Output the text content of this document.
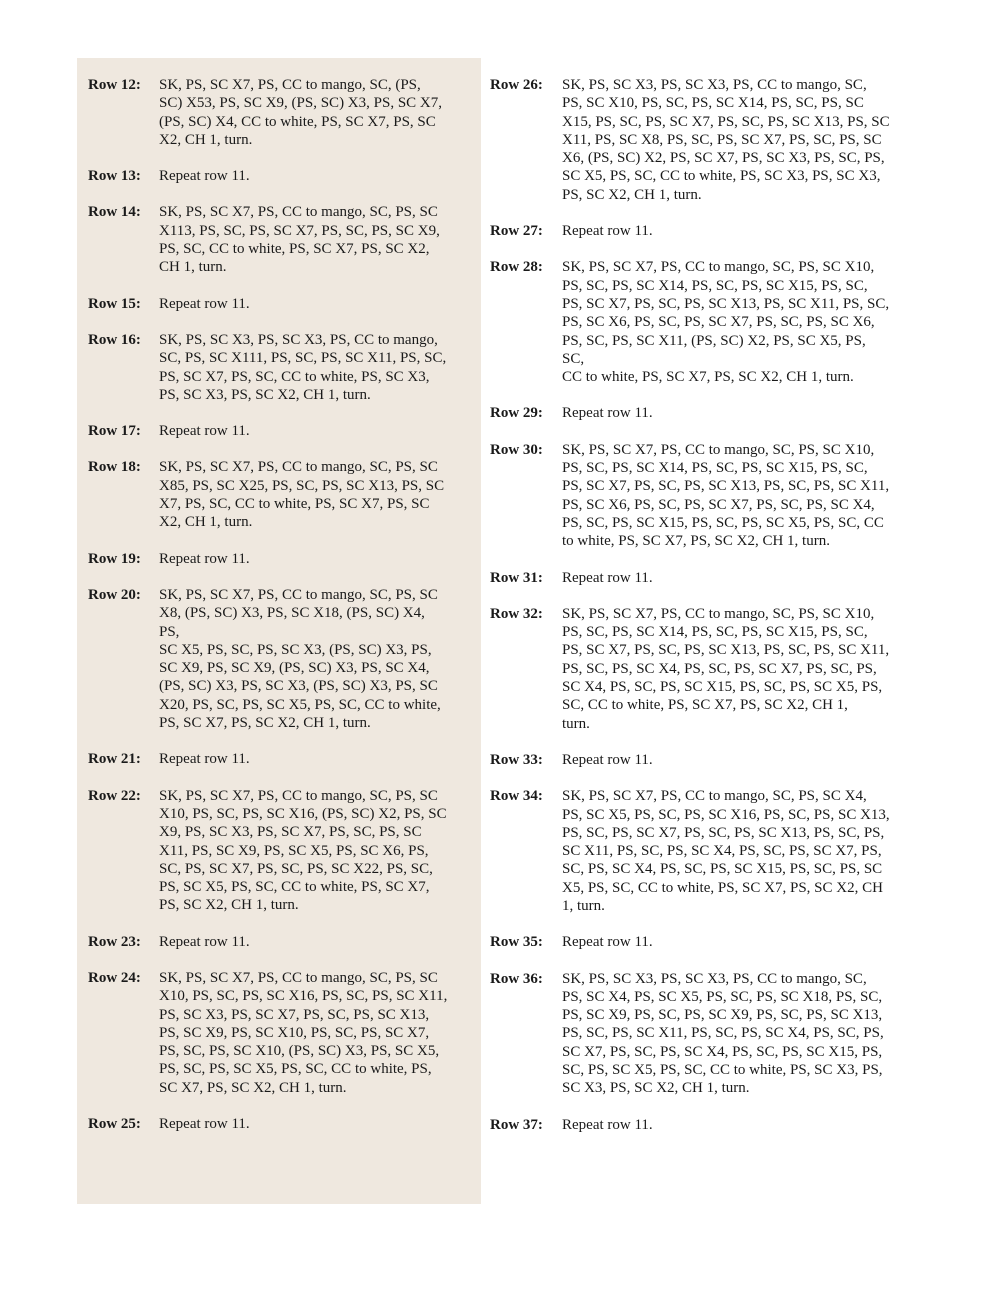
Row 12:	SK, PS, SC X7, PS, CC to mango, SC, (PS,
SC) X53, PS, SC X9, (PS, SC) X3, PS, SC X7,
(PS, SC) X4, CC to white, PS, SC X7, PS, SC
X2, CH 1, turn.
Row 13:	Repeat row 11.
Row 14:	SK, PS, SC X7, PS, CC to mango, SC, PS, SC
X113, PS, SC, PS, SC X7, PS, SC, PS, SC X9,
PS, SC, CC to white, PS, SC X7, PS, SC X2,
CH 1, turn.
Row 15:	Repeat row 11.
Row 16:	SK, PS, SC X3, PS, SC X3, PS, CC to mango,
SC, PS, SC X111, PS, SC, PS, SC X11, PS, SC,
PS, SC X7, PS, SC, CC to white, PS, SC X3,
PS, SC X3, PS, SC X2, CH 1, turn.
Row 17:	Repeat row 11.
Row 18:	SK, PS, SC X7, PS, CC to mango, SC, PS, SC
X85, PS, SC X25, PS, SC, PS, SC X13, PS, SC
X7, PS, SC, CC to white, PS, SC X7, PS, SC
X2, CH 1, turn.
Row 19:	Repeat row 11.
Row 20:	SK, PS, SC X7, PS, CC to mango, SC, PS, SC
X8, (PS, SC) X3, PS, SC X18, (PS, SC) X4, PS,
SC X5, PS, SC, PS, SC X3, (PS, SC) X3, PS,
SC X9, PS, SC X9, (PS, SC) X3, PS, SC X4,
(PS, SC) X3, PS, SC X3, (PS, SC) X3, PS, SC
X20, PS, SC, PS, SC X5, PS, SC, CC to white,
PS, SC X7, PS, SC X2, CH 1, turn.
Row 21:	Repeat row 11.
Row 22:	SK, PS, SC X7, PS, CC to mango, SC, PS, SC
X10, PS, SC, PS, SC X16, (PS, SC) X2, PS, SC
X9, PS, SC X3, PS, SC X7, PS, SC, PS, SC
X11, PS, SC X9, PS, SC X5, PS, SC X6, PS,
SC, PS, SC X7, PS, SC, PS, SC X22, PS, SC,
PS, SC X5, PS, SC, CC to white, PS, SC X7,
PS, SC X2, CH 1, turn.
Row 23:	Repeat row 11.
Row 24:	SK, PS, SC X7, PS, CC to mango, SC, PS, SC
X10, PS, SC, PS, SC X16, PS, SC, PS, SC X11,
PS, SC X3, PS, SC X7, PS, SC, PS, SC X13,
PS, SC X9, PS, SC X10, PS, SC, PS, SC X7,
PS, SC, PS, SC X10, (PS, SC) X3, PS, SC X5,
PS, SC, PS, SC X5, PS, SC, CC to white, PS,
SC X7, PS, SC X2, CH 1, turn.
Row 25:	Repeat row 11.
Row 26:	SK, PS, SC X3, PS, SC X3, PS, CC to mango, SC,
PS, SC X10, PS, SC, PS, SC X14, PS, SC, PS, SC
X15, PS, SC, PS, SC X7, PS, SC, PS, SC X13, PS, SC
X11, PS, SC X8, PS, SC, PS, SC X7, PS, SC, PS, SC
X6, (PS, SC) X2, PS, SC X7, PS, SC X3, PS, SC, PS,
SC X5, PS, SC, CC to white, PS, SC X3, PS, SC X3,
PS, SC X2, CH 1, turn.
Row 27:	Repeat row 11.
Row 28:	SK, PS, SC X7, PS, CC to mango, SC, PS, SC X10,
PS, SC, PS, SC X14, PS, SC, PS, SC X15, PS, SC,
PS, SC X7, PS, SC, PS, SC X13, PS, SC X11, PS, SC,
PS, SC X6, PS, SC, PS, SC X7, PS, SC, PS, SC X6,
PS, SC, PS, SC X11, (PS, SC) X2, PS, SC X5, PS, SC,
CC to white, PS, SC X7, PS, SC X2, CH 1, turn.
Row 29:	Repeat row 11.
Row 30:	SK, PS, SC X7, PS, CC to mango, SC, PS, SC X10,
PS, SC, PS, SC X14, PS, SC, PS, SC X15, PS, SC,
PS, SC X7, PS, SC, PS, SC X13, PS, SC, PS, SC X11,
PS, SC X6, PS, SC, PS, SC X7, PS, SC, PS, SC X4,
PS, SC, PS, SC X15, PS, SC, PS, SC X5, PS, SC, CC
to white, PS, SC X7, PS, SC X2, CH 1, turn.
Row 31:	Repeat row 11.
Row 32:	SK, PS, SC X7, PS, CC to mango, SC, PS, SC X10,
PS, SC, PS, SC X14, PS, SC, PS, SC X15, PS, SC,
PS, SC X7, PS, SC, PS, SC X13, PS, SC, PS, SC X11,
PS, SC, PS, SC X4, PS, SC, PS, SC X7, PS, SC, PS,
SC X4, PS, SC, PS, SC X15, PS, SC, PS, SC X5, PS,
SC, CC to white, PS, SC X7, PS, SC X2, CH 1,
turn.
Row 33:	Repeat row 11.
Row 34:	SK, PS, SC X7, PS, CC to mango, SC, PS, SC X4,
PS, SC X5, PS, SC, PS, SC X16, PS, SC, PS, SC X13,
PS, SC, PS, SC X7, PS, SC, PS, SC X13, PS, SC, PS,
SC X11, PS, SC, PS, SC X4, PS, SC, PS, SC X7, PS,
SC, PS, SC X4, PS, SC, PS, SC X15, PS, SC, PS, SC
X5, PS, SC, CC to white, PS, SC X7, PS, SC X2, CH
1, turn.
Row 35:	Repeat row 11.
Row 36:	SK, PS, SC X3, PS, SC X3, PS, CC to mango, SC,
PS, SC X4, PS, SC X5, PS, SC, PS, SC X18, PS, SC,
PS, SC X9, PS, SC, PS, SC X9, PS, SC, PS, SC X13,
PS, SC, PS, SC X11, PS, SC, PS, SC X4, PS, SC, PS,
SC X7, PS, SC, PS, SC X4, PS, SC, PS, SC X15, PS,
SC, PS, SC X5, PS, SC, CC to white, PS, SC X3, PS,
SC X3, PS, SC X2, CH 1, turn.
Row 37:	Repeat row 11.
